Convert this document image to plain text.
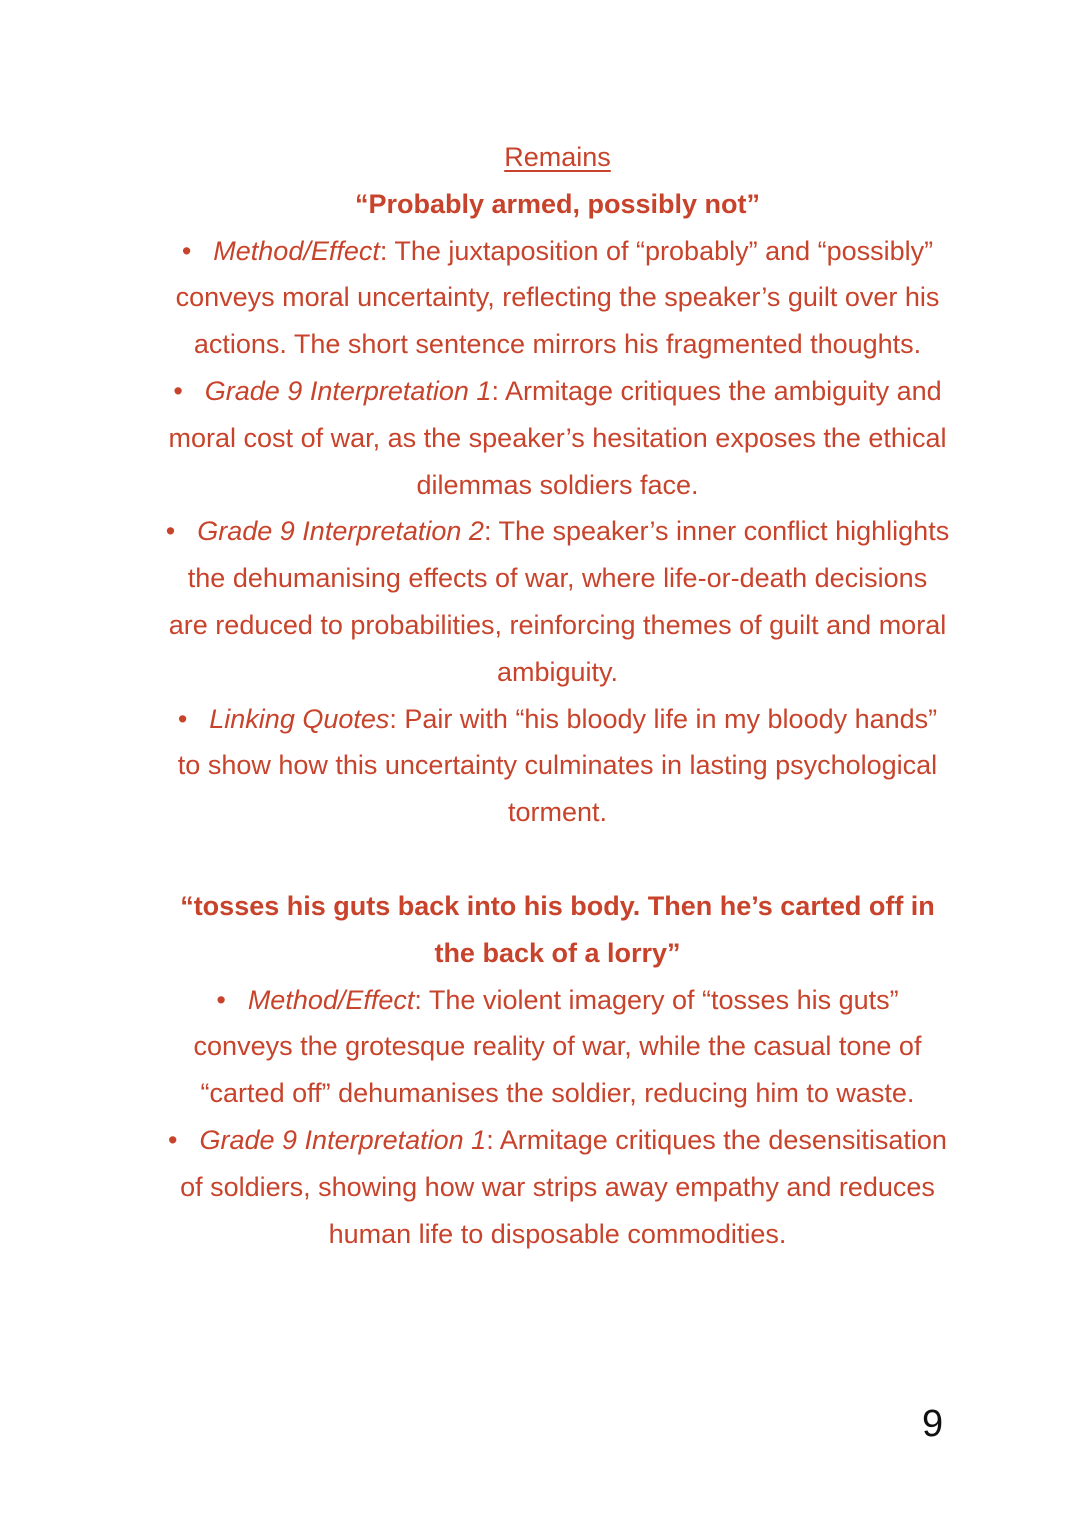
Remains
“Probably armed, possibly not”

• Method/Effect: The juxtaposition of “probably” and “possibly” conveys moral uncertainty, reflecting the speaker’s guilt over his actions. The short sentence mirrors his fragmented thoughts.

• Grade 9 Interpretation 1: Armitage critiques the ambiguity and moral cost of war, as the speaker’s hesitation exposes the ethical dilemmas soldiers face.

• Grade 9 Interpretation 2: The speaker’s inner conflict highlights the dehumanising effects of war, where life-or-death decisions are reduced to probabilities, reinforcing themes of guilt and moral ambiguity.

• Linking Quotes: Pair with “his bloody life in my bloody hands” to show how this uncertainty culminates in lasting psychological torment.

“tosses his guts back into his body. Then he’s carted off in the back of a lorry”

• Method/Effect: The violent imagery of “tosses his guts” conveys the grotesque reality of war, while the casual tone of “carted off” dehumanises the soldier, reducing him to waste.

• Grade 9 Interpretation 1: Armitage critiques the desensitisation of soldiers, showing how war strips away empathy and reduces human life to disposable commodities.

9
